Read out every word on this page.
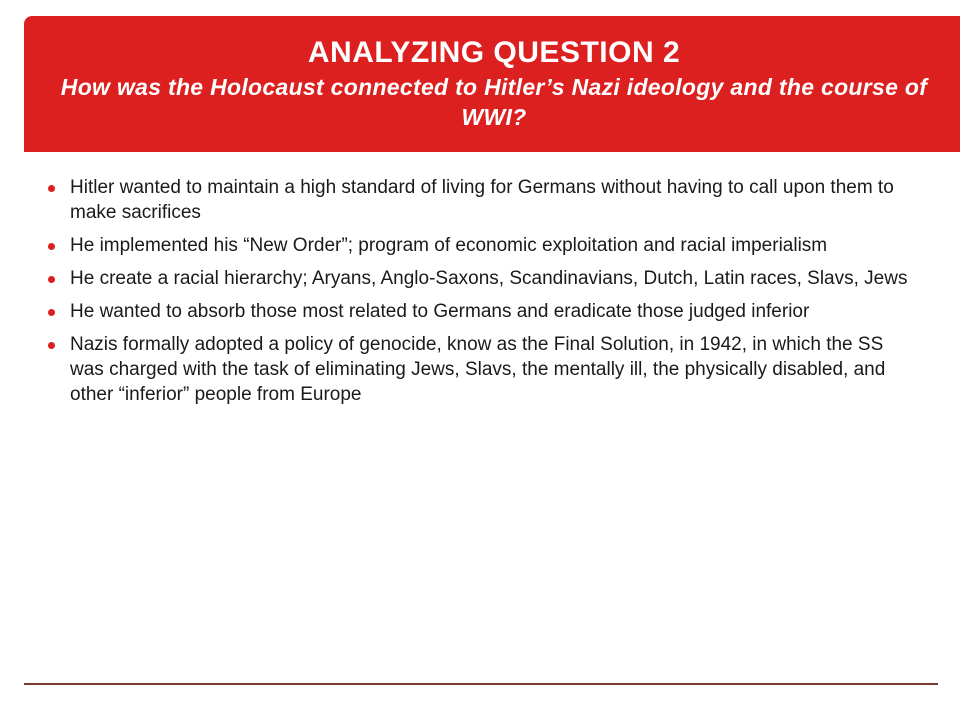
ANALYZING QUESTION 2
How was the Holocaust connected to Hitler’s Nazi ideology and the course of WWI?
Hitler wanted to maintain a high standard of living for Germans without having to call upon them to make sacrifices
He implemented his “New Order”; program of economic exploitation and racial imperialism
He create a racial hierarchy; Aryans, Anglo-Saxons, Scandinavians, Dutch, Latin races, Slavs, Jews
He wanted to absorb those most related to Germans and eradicate those judged inferior
Nazis formally adopted a policy of genocide, know as the Final Solution, in 1942, in which the SS was charged with the task of eliminating Jews, Slavs, the mentally ill, the physically disabled, and other “inferior” people from Europe
